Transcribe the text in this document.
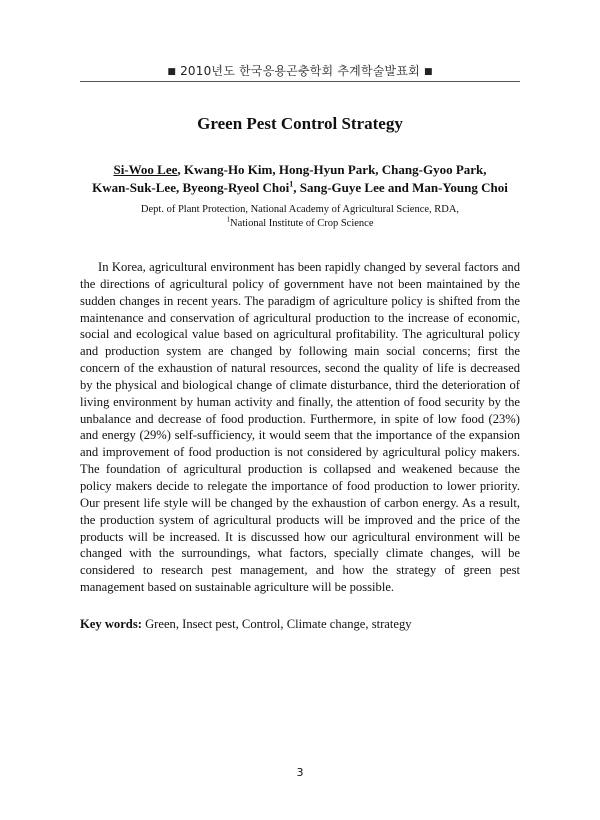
■ 2010년도 한국응용곤충학회 추계학술발표회 ■
Green Pest Control Strategy
Si-Woo Lee, Kwang-Ho Kim, Hong-Hyun Park, Chang-Gyoo Park,
Kwan-Suk-Lee, Byeong-Ryeol Choi$^1$, Sang-Guye Lee and Man-Young Choi
Dept. of Plant Protection, National Academy of Agricultural Science, RDA,
$^1$National Institute of Crop Science

In Korea, agricultural environment has been rapidly changed by several factors and the directions of agricultural policy of government have not been maintained by the sudden changes in recent years. The paradigm of agriculture policy is shifted from the maintenance and conservation of agricultural production to the increase of economic, social and ecological value based on agricultural profitability. The agricultural policy and production system are changed by following main social concerns; first the concern of the exhaustion of natural resources, second the quality of life is decreased by the physical and biological change of climate disturbance, third the deterioration of living environment by human activity and finally, the attention of food security by the unbalance and decrease of food production. Furthermore, in spite of low food (23%) and energy (29%) self-sufficiency, it would seem that the importance of the expansion and improvement of food production is not considered by agricultural policy makers. The foundation of agricultural production is collapsed and weakened because the policy makers decide to relegate the importance of food production to lower priority. Our present life style will be changed by the exhaustion of carbon energy. As a result, the production system of agricultural products will be improved and the price of the products will be increased. It is discussed how our agricultural environment will be changed with the surroundings, what factors, specially climate changes, will be considered to research pest management, and how the strategy of green pest management based on sustainable agriculture will be possible.

Key words: Green, Insect pest, Control, Climate change, strategy
3
